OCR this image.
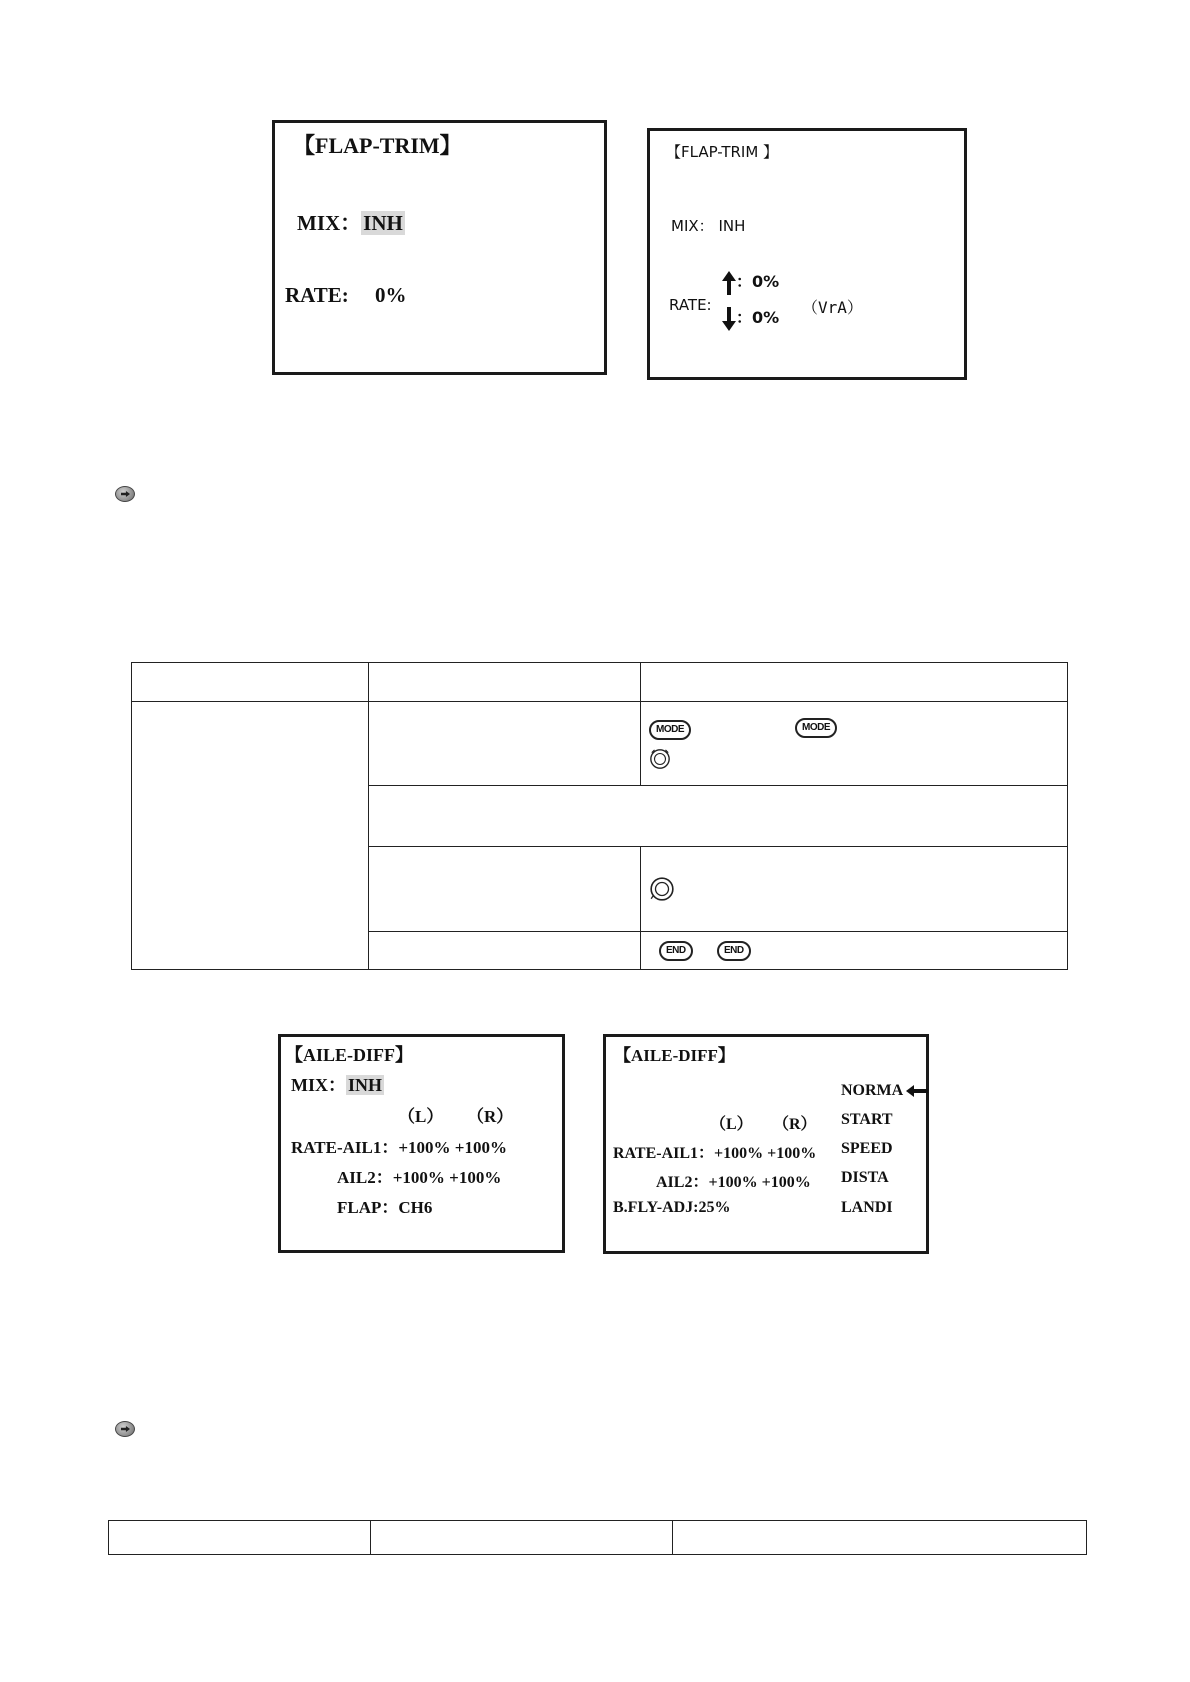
【FLAP-TRIM】
MIX：INH
RATE: 0%
【FLAP-TRIM 】
MIX： INH
RATE:
：0%
：0%
（VrA）

		MODE MODE

		END END
【AILE-DIFF】
MIX： INH
（L） （R）
RATE-AIL1：+100% +100%
AIL2：+100% +100%
FLAP：CH6
【AILE-DIFF】
（L） （R）
RATE-AIL1：+100% +100%
AIL2：+100% +100%
B.FLY-ADJ:25%
NORMA
START
SPEED
DISTA
LANDI
